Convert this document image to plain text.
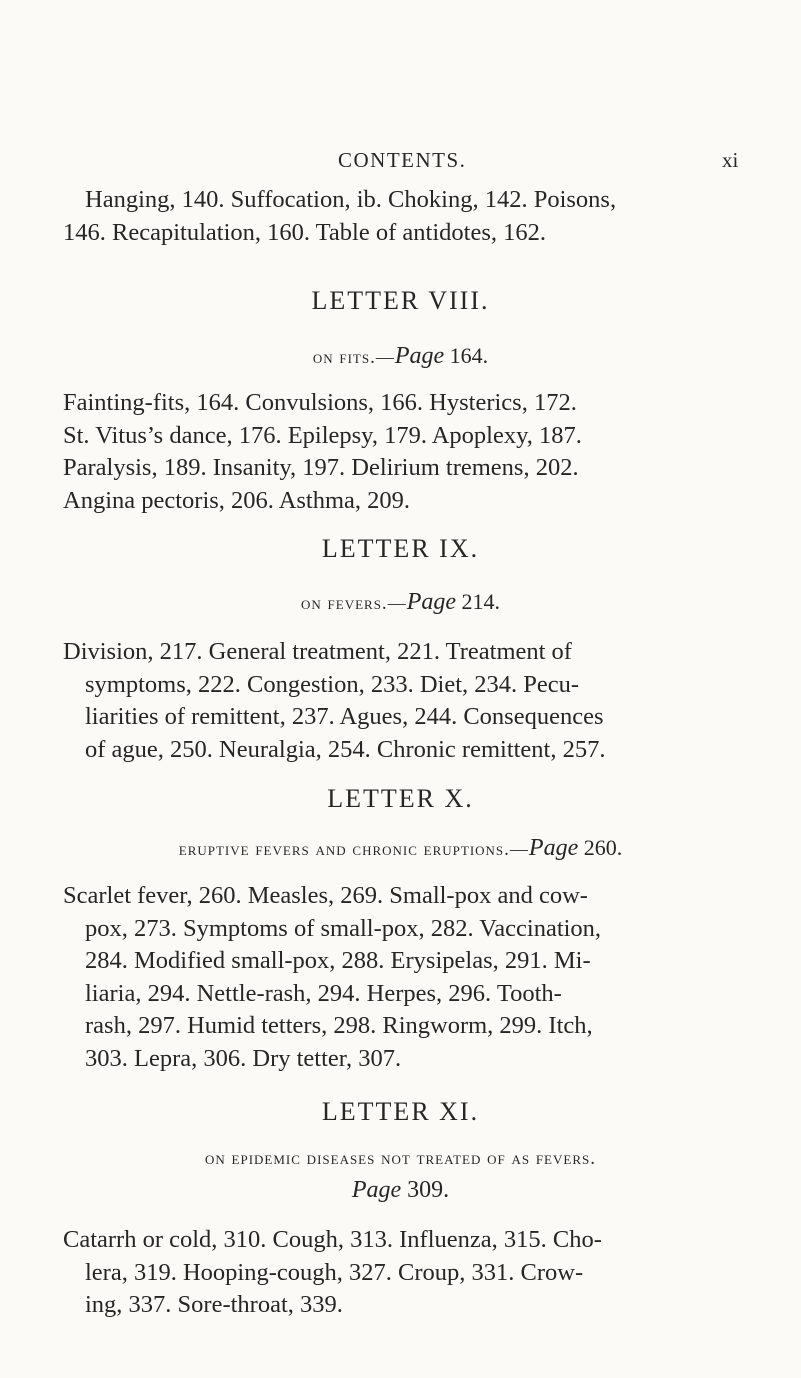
CONTENTS.	xi

Hanging, 140. Suffocation, ib. Choking, 142. Poisons,
146. Recapitulation, 160. Table of antidotes, 162.

LETTER VIII.
on fits.—Page 164.

Fainting-fits, 164. Convulsions, 166. Hysterics, 172.
St. Vitus’s dance, 176. Epilepsy, 179. Apoplexy, 187.
Paralysis, 189. Insanity, 197. Delirium tremens, 202.
Angina pectoris, 206. Asthma, 209.

LETTER IX.
on fevers.—Page 214.

Division, 217. General treatment, 221. Treatment of
symptoms, 222. Congestion, 233. Diet, 234. Pecu-
liarities of remittent, 237. Agues, 244. Consequences
of ague, 250. Neuralgia, 254. Chronic remittent, 257.

LETTER X.
eruptive fevers and chronic eruptions.—Page 260.

Scarlet fever, 260. Measles, 269. Small-pox and cow-
pox, 273. Symptoms of small-pox, 282. Vaccination,
284. Modified small-pox, 288. Erysipelas, 291. Mi-
liaria, 294. Nettle-rash, 294. Herpes, 296. Tooth-
rash, 297. Humid tetters, 298. Ringworm, 299. Itch,
303. Lepra, 306. Dry tetter, 307.

LETTER XI.
on epidemic diseases not treated of as fevers.
Page 309.

Catarrh or cold, 310. Cough, 313. Influenza, 315. Cho-
lera, 319. Hooping-cough, 327. Croup, 331. Crow-
ing, 337. Sore-throat, 339.
